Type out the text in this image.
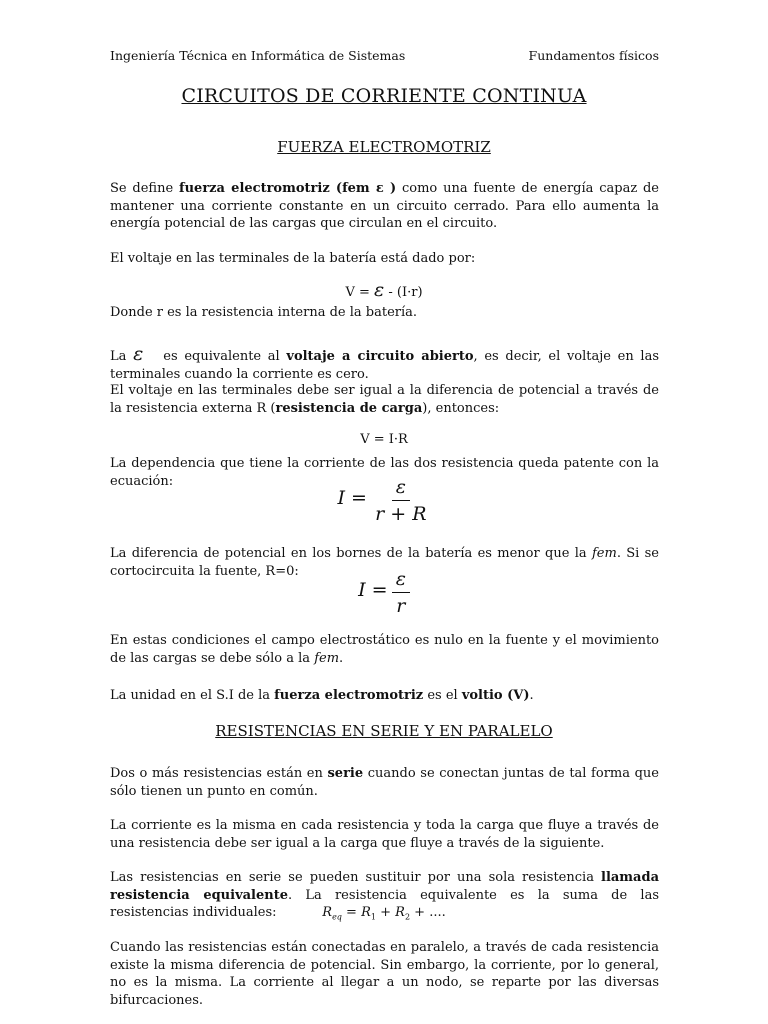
Ingeniería Técnica en Informática de Sistemas	Fundamentos físicos
CIRCUITOS DE CORRIENTE CONTINUA
FUERZA ELECTROMOTRIZ
Se define fuerza electromotriz (fem ε ) como una fuente de energía capaz de mantener una corriente constante en un circuito cerrado. Para ello aumenta la energía potencial de las cargas que circulan en el circuito.
El voltaje en las terminales de la batería está dado por:
V = ε - (I·r)
Donde r es la resistencia interna de la batería.
La ε   es equivalente al voltaje a circuito abierto, es decir, el voltaje en las terminales cuando la corriente es cero.
El voltaje en las terminales debe ser igual a la diferencia de potencial a través de la resistencia externa R (resistencia de carga), entonces:
V = I·R
La dependencia que tiene la corriente de las dos resistencia queda patente con la ecuación:
$I = \frac{\varepsilon}{r + R}$
La diferencia de potencial en los bornes de la batería es menor que la fem. Si se cortocircuita la fuente, R=0:
$I = \frac{\varepsilon}{r}$
En estas condiciones el campo electrostático es nulo en la fuente y el movimiento de las cargas se debe sólo a la fem.
La unidad en el S.I de la fuerza electromotriz es el voltio (V).
RESISTENCIAS EN SERIE Y EN PARALELO
Dos o más resistencias están en serie cuando se conectan juntas de tal forma que sólo tienen un punto en común.
La corriente es la misma en cada resistencia y toda la carga que fluye a través de una resistencia debe ser igual a la carga que fluye a través de la siguiente.
Las resistencias en serie se pueden sustituir por una sola resistencia llamada resistencia equivalente. La resistencia equivalente es la suma de las resistencias individuales:	$R_{eq} = R_1 + R_2$ + ....
Cuando las resistencias están conectadas en paralelo, a través de cada resistencia existe la misma diferencia de potencial. Sin embargo, la corriente, por lo general, no es la misma. La corriente al llegar a un nodo, se reparte por las diversas bifurcaciones.
